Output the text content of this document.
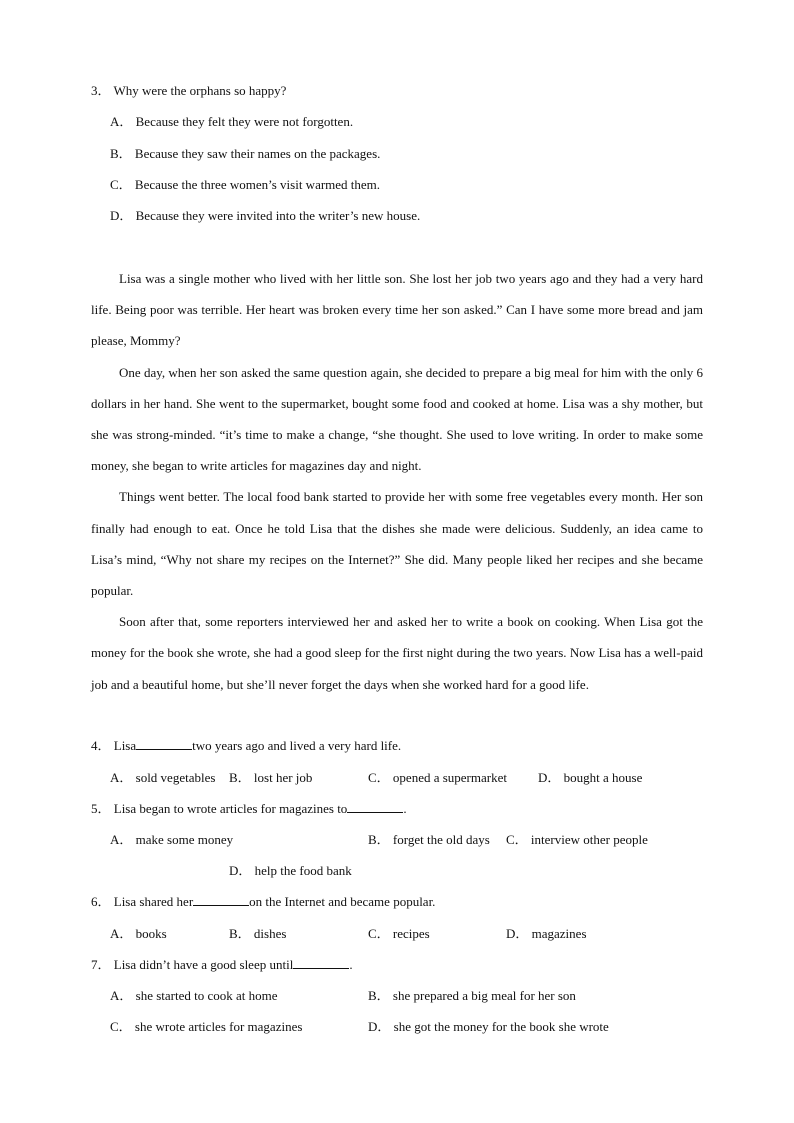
3． Why were the orphans so happy?
A． Because they felt they were not forgotten.
B． Because they saw their names on the packages.
C． Because the three women’s visit warmed them.
D． Because they were invited into the writer’s new house.

Lisa was a single mother who lived with her little son. She lost her job two years ago and they had a very hard life. Being poor was terrible. Her heart was broken every time her son asked.” Can I have some more bread and jam please, Mommy?

One day, when her son asked the same question again, she decided to prepare a big meal for him with the only 6 dollars in her hand. She went to the supermarket, bought some food and cooked at home. Lisa was a shy mother, but she was strong-minded. “it’s time to make a change, “she thought. She used to love writing. In order to make some money, she began to write articles for magazines day and night.

Things went better. The local food bank started to provide her with some free vegetables every month. Her son finally had enough to eat. Once he told Lisa that the dishes she made were delicious. Suddenly, an idea came to Lisa’s mind, “Why not share my recipes on the Internet?” She did. Many people liked her recipes and she became popular.

Soon after that, some reporters interviewed her and asked her to write a book on cooking. When Lisa got the money for the book she wrote, she had a good sleep for the first night during the two years. Now Lisa has a well-paid job and a beautiful home, but she’ll never forget the days when she worked hard for a good life.

4． Lisa	two years ago and lived a very hard life.
A． sold vegetables B． lost her job	C． opened a supermarket D． bought a house
5． Lisa began to wrote articles for magazines to	.
A． make some money	B． forget the old days C． interview other people
D． help the food bank
6． Lisa shared her	on the Internet and became popular.
A． books	B． dishes	C． recipes	D． magazines
7． Lisa didn’t have a good sleep until	.
A． she started to cook at home	B． she prepared a big meal for her son
C． she wrote articles for magazines	D． she got the money for the book she wrote
